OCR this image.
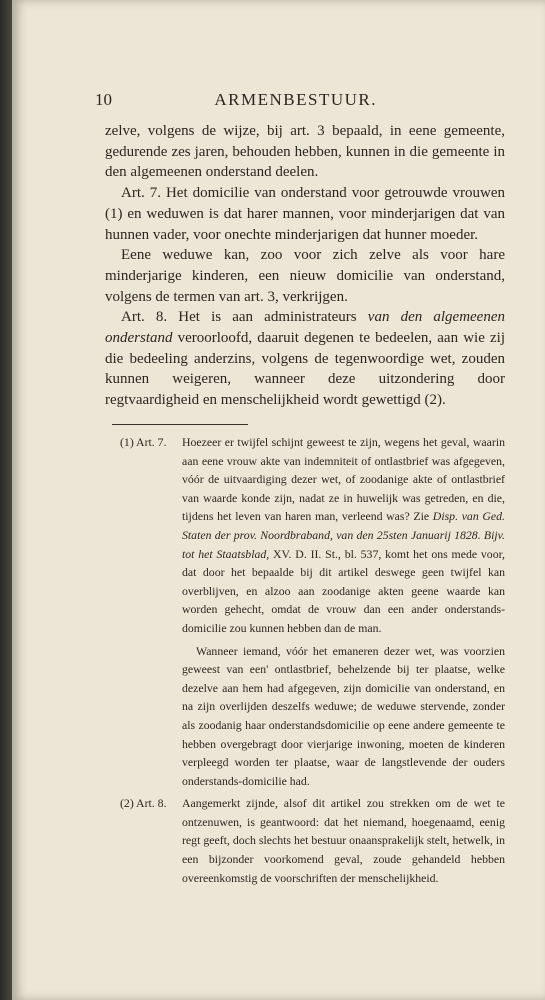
10	ARMENBESTUUR.

zelve, volgens de wijze, bij art. 3 bepaald, in eene gemeente, gedurende zes jaren, behouden hebben, kunnen in die gemeente in den algemeenen onderstand deelen.

Art. 7. Het domicilie van onderstand voor getrouwde vrouwen (1) en weduwen is dat harer mannen, voor minderjarigen dat van hunnen vader, voor onechte minderjarigen dat hunner moeder.

Eene weduwe kan, zoo voor zich zelve als voor hare minderjarige kinderen, een nieuw domicilie van onderstand, volgens de termen van art. 3, verkrijgen.

Art. 8. Het is aan administrateurs van den algemeenen onderstand veroorloofd, daaruit degenen te bedeelen, aan wie zij die bedeeling anderzins, volgens de tegenwoordige wet, zouden kunnen weigeren, wanneer deze uitzondering door regtvaardigheid en menschelijkheid wordt gewettigd (2).

(1) Art. 7.	Hoezeer er twijfel schijnt geweest te zijn, wegens het geval, waarin aan eene vrouw akte van indemniteit of ontlastbrief was afgegeven, vóór de uitvaardiging dezer wet, of zoodanige akte of ontlastbrief van waarde konde zijn, nadat ze in huwelijk was getreden, en die, tijdens het leven van haren man, verleend was? Zie Disp. van Ged. Staten der prov. Noordbraband, van den 25sten Januarij 1828. Bijv. tot het Staatsblad, XV. D. II. St., bl. 537, komt het ons mede voor, dat door het bepaalde bij dit artikel deswege geen twijfel kan overblijven, en alzoo aan zoodanige akten geene waarde kan worden gehecht, omdat de vrouw dan een ander onderstands-domicilie zou kunnen hebben dan de man.

Wanneer iemand, vóór het emaneren dezer wet, was voorzien geweest van een' ontlastbrief, behelzende bij ter plaatse, welke dezelve aan hem had afgegeven, zijn domicilie van onderstand, en na zijn overlijden deszelfs weduwe; de weduwe stervende, zonder als zoodanig haar onderstandsdomicilie op eene andere gemeente te hebben overgebragt door vierjarige inwoning, moeten de kinderen verpleegd worden ter plaatse, waar de langstlevende der ouders onderstands-domicilie had.

(2) Art. 8.	Aangemerkt zijnde, alsof dit artikel zou strekken om de wet te ontzenuwen, is geantwoord: dat het niemand, hoegenaamd, eenig regt geeft, doch slechts het bestuur onaansprakelijk stelt, hetwelk, in een bijzonder voorkomend geval, zoude gehandeld hebben overeenkomstig de voorschriften der menschelijkheid.
